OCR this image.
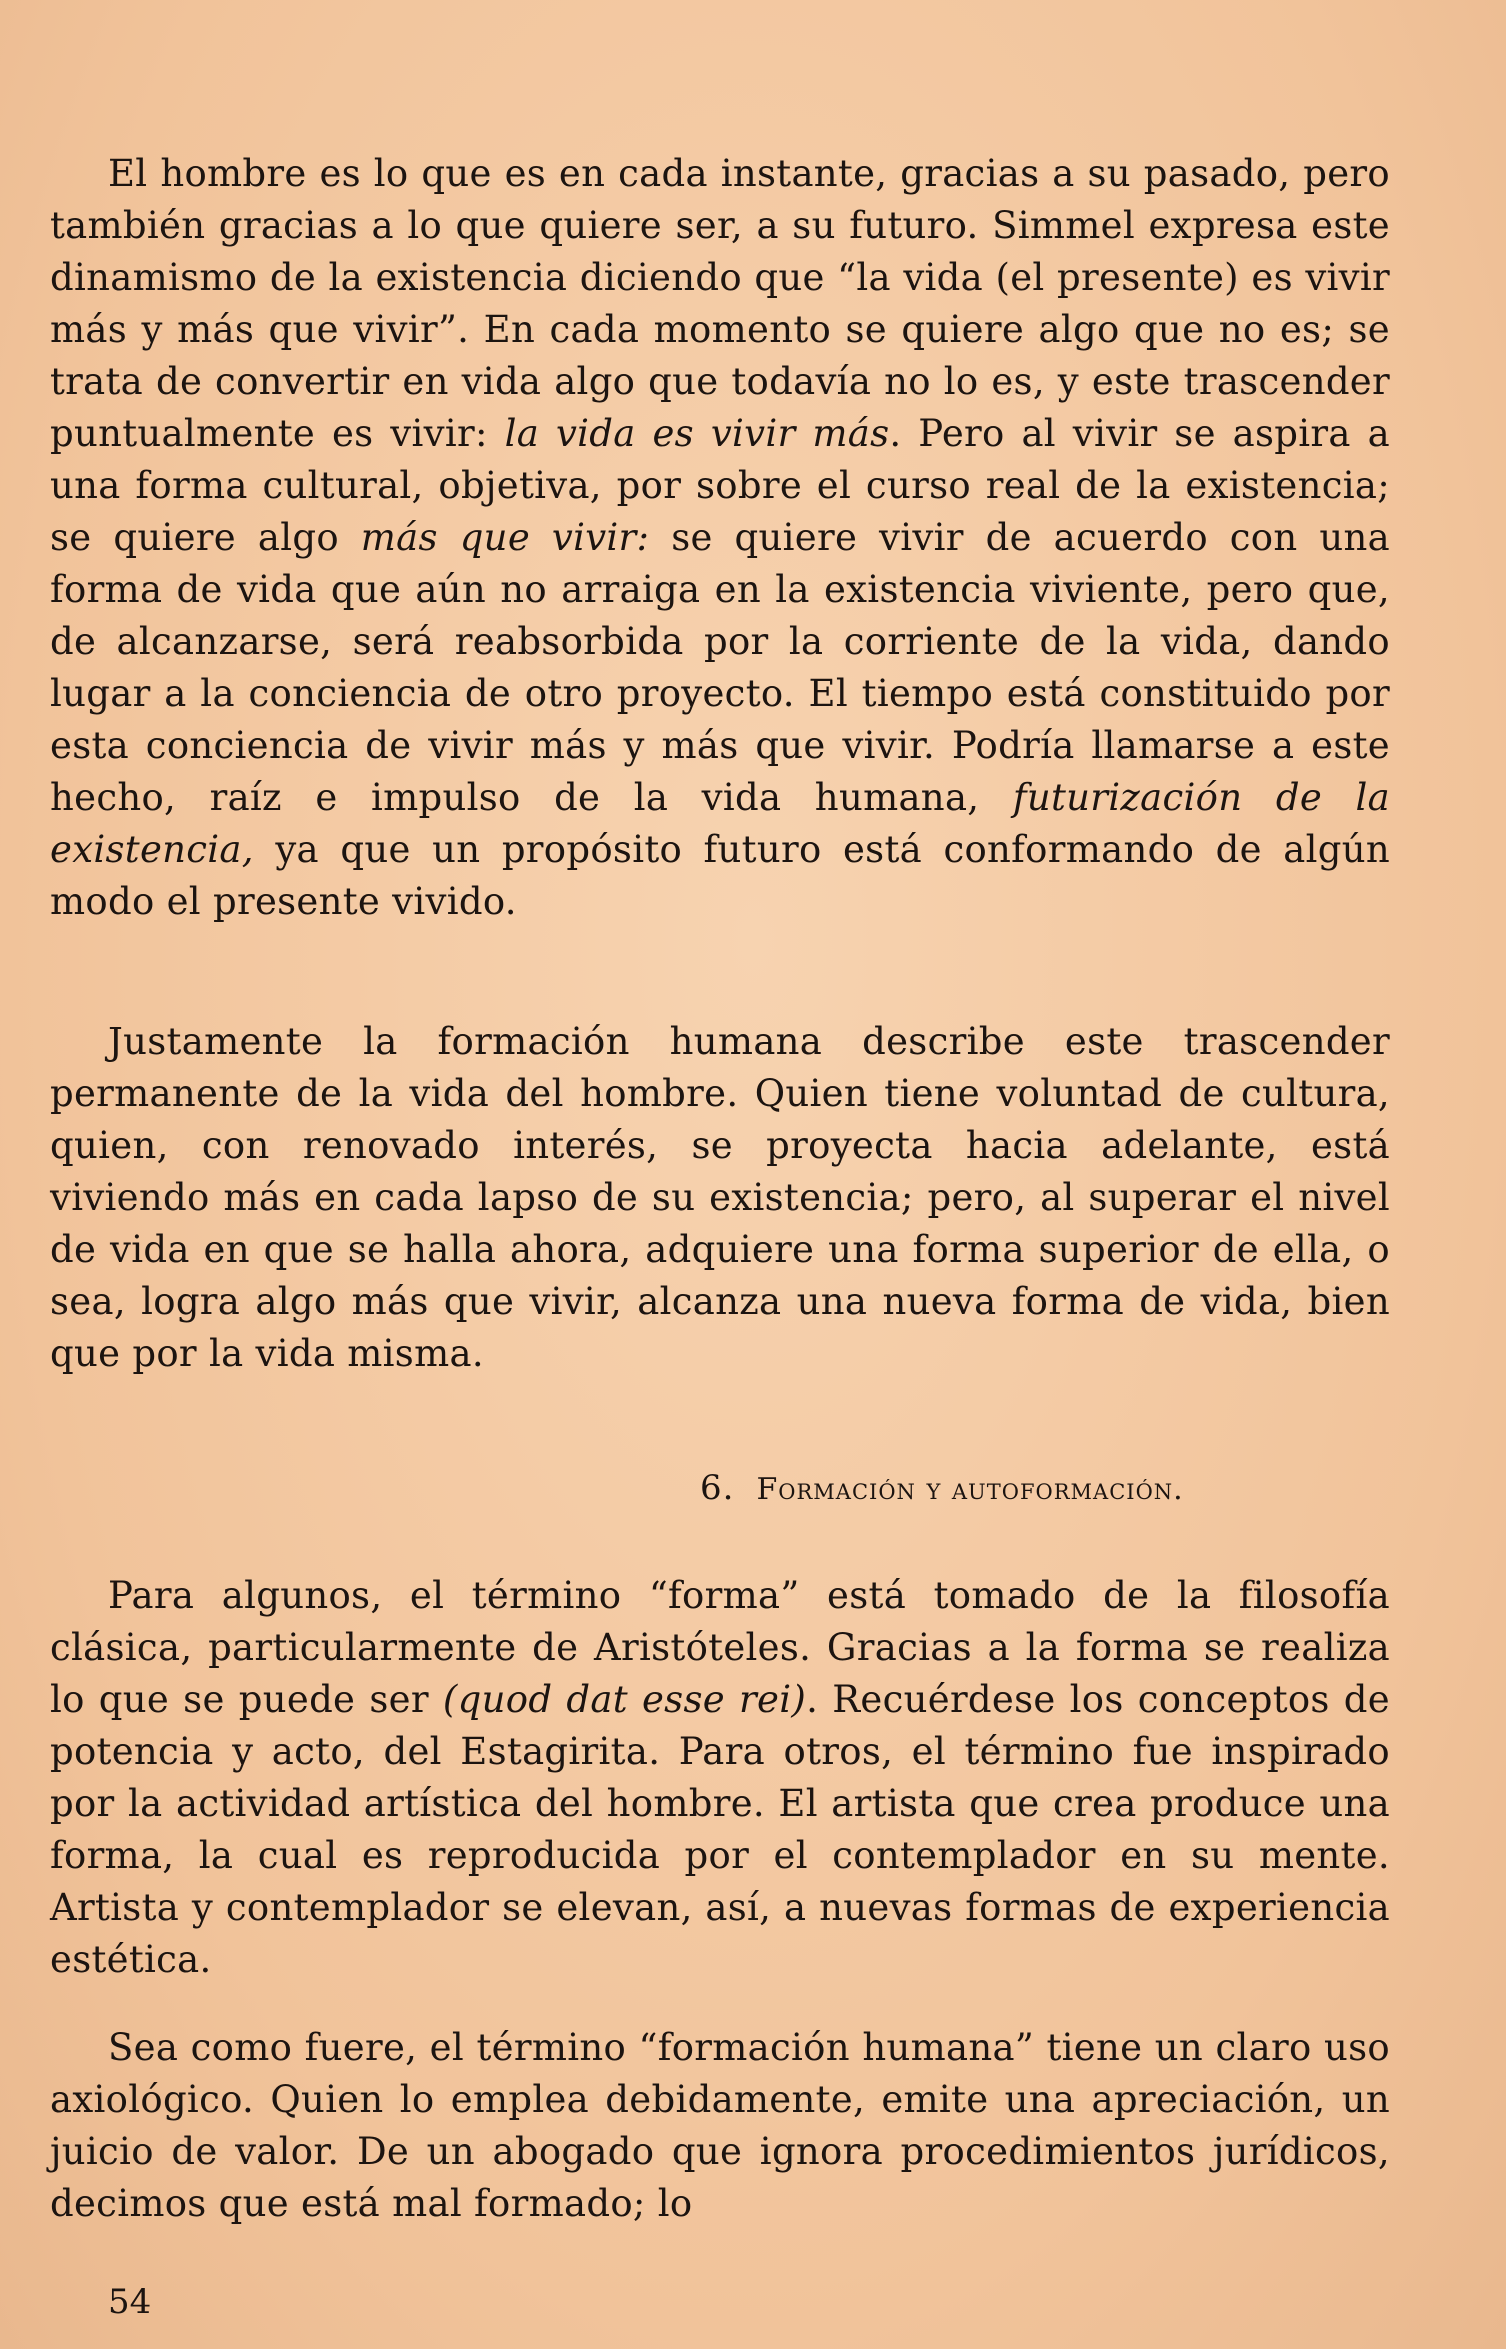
El hombre es lo que es en cada instante, gracias a su pasado, pero también gracias a lo que quiere ser, a su futuro. Simmel expresa este dinamismo de la existencia diciendo que “la vida (el presente) es vivir más y más que vivir”. En cada momento se quiere algo que no es; se trata de convertir en vida algo que todavía no lo es, y este trascender puntualmente es vivir: la vida es vivir más. Pero al vivir se aspira a una forma cultural, objetiva, por sobre el curso real de la existencia; se quiere algo más que vivir: se quiere vivir de acuerdo con una forma de vida que aún no arraiga en la existencia viviente, pero que, de alcanzarse, será reabsorbida por la corriente de la vida, dando lugar a la conciencia de otro proyecto. El tiempo está constituido por esta conciencia de vivir más y más que vivir. Podría llamarse a este hecho, raíz e impulso de la vida humana, futurización de la existencia, ya que un propósito futuro está conformando de algún modo el presente vivido.

Justamente la formación humana describe este trascender permanente de la vida del hombre. Quien tiene voluntad de cultura, quien, con renovado interés, se proyecta hacia adelante, está viviendo más en cada lapso de su existencia; pero, al superar el nivel de vida en que se halla ahora, adquiere una forma superior de ella, o sea, logra algo más que vivir, alcanza una nueva forma de vida, bien que por la vida misma.

6. Formación y autoformación.

Para algunos, el término “forma” está tomado de la filosofía clásica, particularmente de Aristóteles. Gracias a la forma se realiza lo que se puede ser (quod dat esse rei). Recuérdese los conceptos de potencia y acto, del Estagirita. Para otros, el término fue inspirado por la actividad artística del hombre. El artista que crea produce una forma, la cual es reproducida por el contemplador en su mente. Artista y contemplador se elevan, así, a nuevas formas de experiencia estética.

Sea como fuere, el término “formación humana” tiene un claro uso axiológico. Quien lo emplea debidamente, emite una apreciación, un juicio de valor. De un abogado que ignora procedimientos jurídicos, decimos que está mal formado; lo

54
